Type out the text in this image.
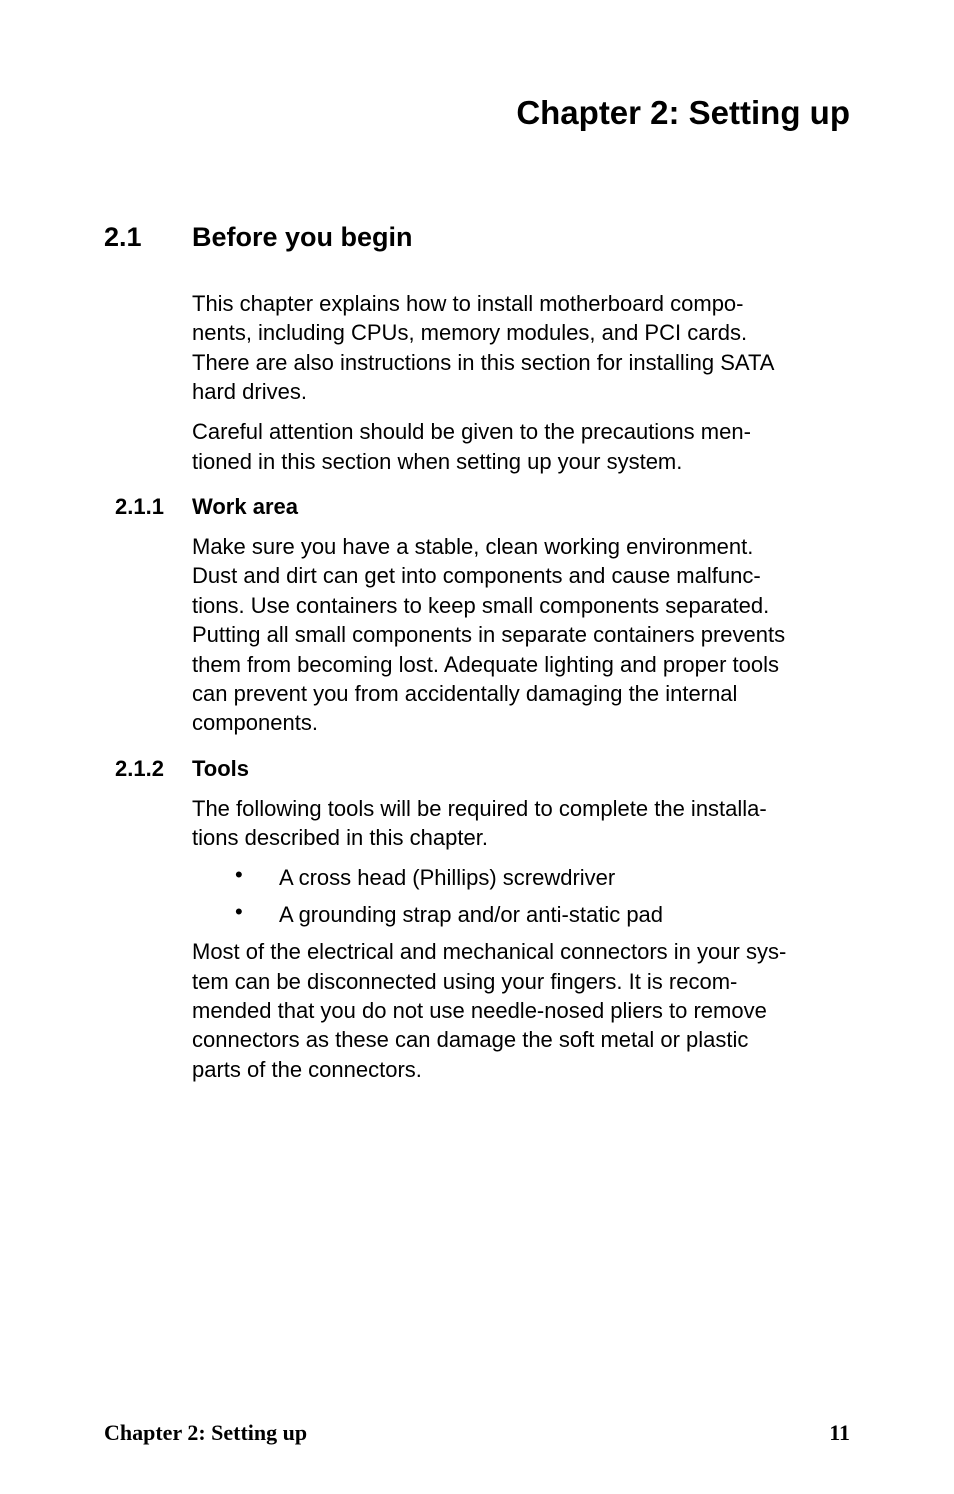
Chapter 2: Setting up
2.1 Before you begin

This chapter explains how to install motherboard compo-
nents, including CPUs, memory modules, and PCI cards.
There are also instructions in this section for installing SATA
hard drives.

Careful attention should be given to the precautions men-
tioned in this section when setting up your system.

2.1.1 Work area

Make sure you have a stable, clean working environment.
Dust and dirt can get into components and cause malfunc-
tions. Use containers to keep small components separated.
Putting all small components in separate containers prevents
them from becoming lost. Adequate lighting and proper tools
can prevent you from accidentally damaging the internal
components.

2.1.2 Tools

The following tools will be required to complete the installa-
tions described in this chapter.

• A cross head (Phillips) screwdriver
• A grounding strap and/or anti-static pad

Most of the electrical and mechanical connectors in your sys-
tem can be disconnected using your fingers. It is recom-
mended that you do not use needle-nosed pliers to remove
connectors as these can damage the soft metal or plastic
parts of the connectors.

Chapter 2: Setting up	11
